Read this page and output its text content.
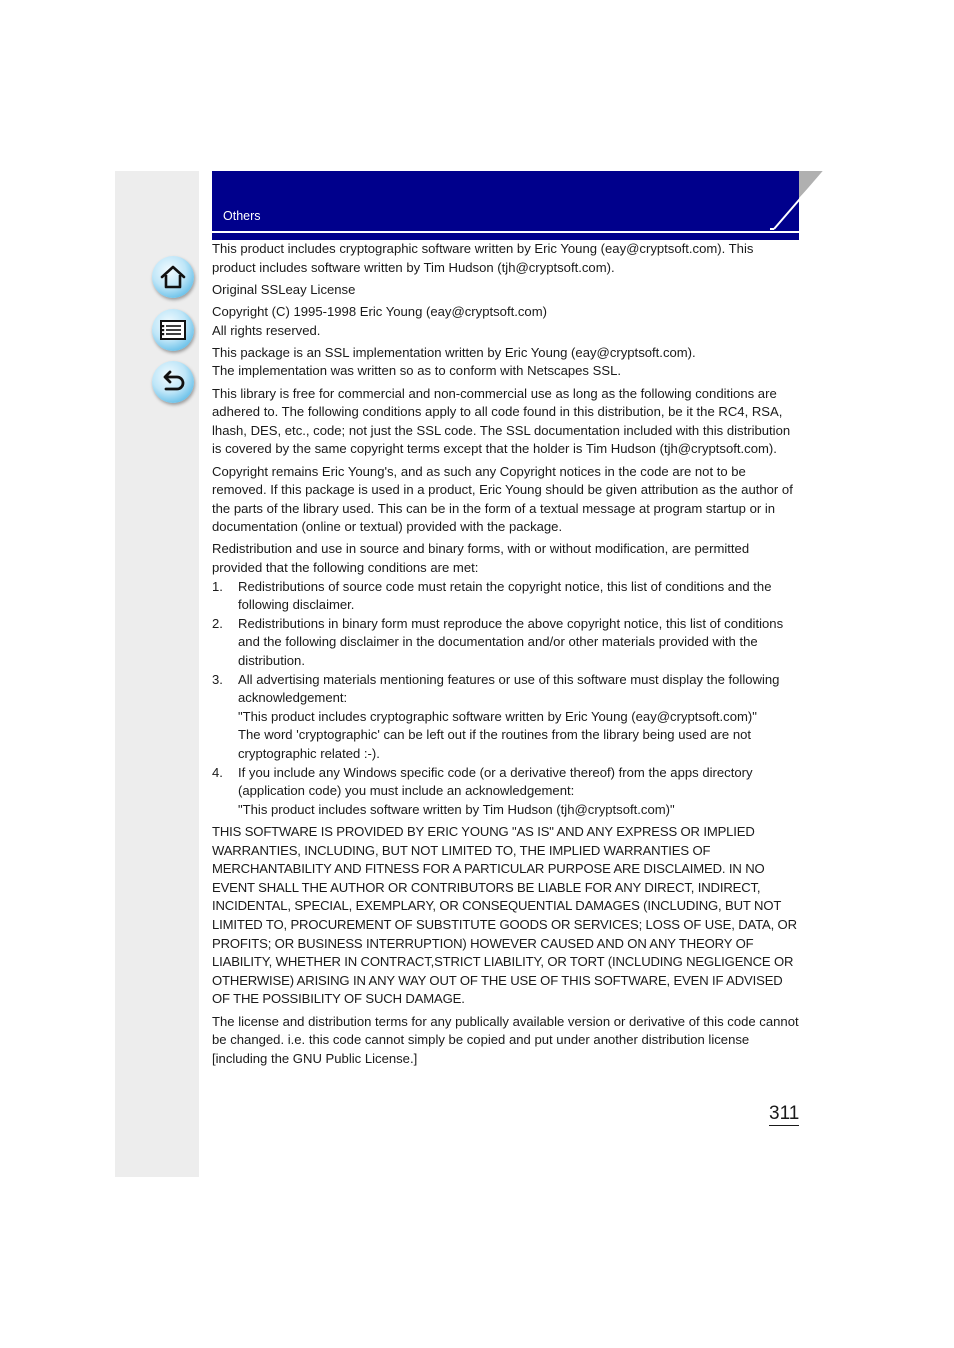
Others

This product includes cryptographic software written by Eric Young (eay@cryptsoft.com). This product includes software written by Tim Hudson (tjh@cryptsoft.com).

Original SSLeay License

Copyright (C) 1995-1998 Eric Young (eay@cryptsoft.com)
All rights reserved.

This package is an SSL implementation written by Eric Young (eay@cryptsoft.com).
The implementation was written so as to conform with Netscapes SSL.

This library is free for commercial and non-commercial use as long as the following conditions are adhered to. The following conditions apply to all code found in this distribution, be it the RC4, RSA, lhash, DES, etc., code; not just the SSL code. The SSL documentation included with this distribution is covered by the same copyright terms except that the holder is Tim Hudson (tjh@cryptsoft.com).

Copyright remains Eric Young's, and as such any Copyright notices in the code are not to be removed. If this package is used in a product, Eric Young should be given attribution as the author of the parts of the library used. This can be in the form of a textual message at program startup or in documentation (online or textual) provided with the package.

Redistribution and use in source and binary forms, with or without modification, are permitted provided that the following conditions are met:

1. Redistributions of source code must retain the copyright notice, this list of conditions and the following disclaimer.
2. Redistributions in binary form must reproduce the above copyright notice, this list of conditions and the following disclaimer in the documentation and/or other materials provided with the distribution.
3. All advertising materials mentioning features or use of this software must display the following acknowledgement:
"This product includes cryptographic software written by Eric Young (eay@cryptsoft.com)"
The word 'cryptographic' can be left out if the routines from the library being used are not cryptographic related :-).
4. If you include any Windows specific code (or a derivative thereof) from the apps directory (application code) you must include an acknowledgement:
"This product includes software written by Tim Hudson (tjh@cryptsoft.com)"

THIS SOFTWARE IS PROVIDED BY ERIC YOUNG "AS IS" AND ANY EXPRESS OR IMPLIED WARRANTIES, INCLUDING, BUT NOT LIMITED TO, THE IMPLIED WARRANTIES OF MERCHANTABILITY AND FITNESS FOR A PARTICULAR PURPOSE ARE DISCLAIMED. IN NO EVENT SHALL THE AUTHOR OR CONTRIBUTORS BE LIABLE FOR ANY DIRECT, INDIRECT, INCIDENTAL, SPECIAL, EXEMPLARY, OR CONSEQUENTIAL DAMAGES (INCLUDING, BUT NOT LIMITED TO, PROCUREMENT OF SUBSTITUTE GOODS OR SERVICES; LOSS OF USE, DATA, OR PROFITS; OR BUSINESS INTERRUPTION) HOWEVER CAUSED AND ON ANY THEORY OF LIABILITY, WHETHER IN CONTRACT,STRICT LIABILITY, OR TORT (INCLUDING NEGLIGENCE OR OTHERWISE) ARISING IN ANY WAY OUT OF THE USE OF THIS SOFTWARE, EVEN IF ADVISED OF THE POSSIBILITY OF SUCH DAMAGE.

The license and distribution terms for any publically available version or derivative of this code cannot be changed. i.e. this code cannot simply be copied and put under another distribution license [including the GNU Public License.]

311
